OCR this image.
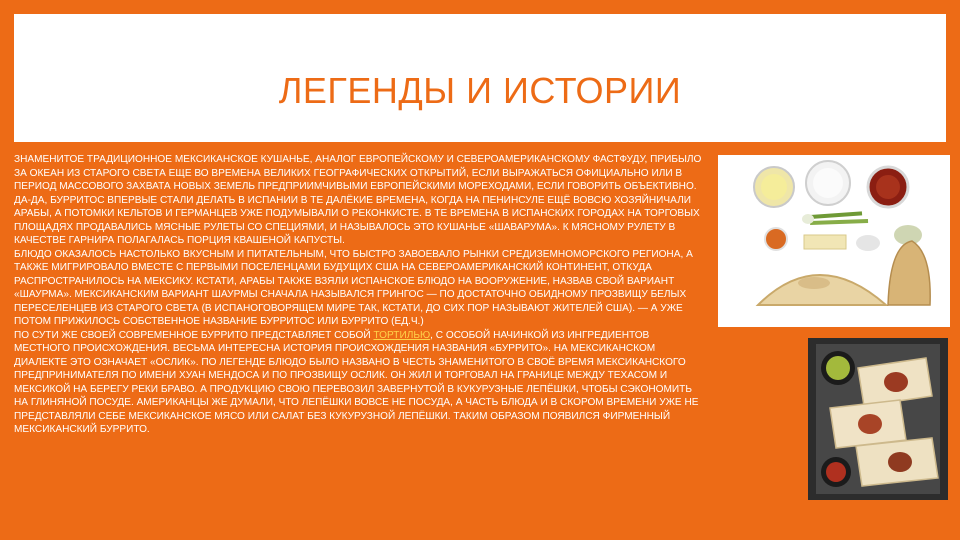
ЛЕГЕНДЫ И ИСТОРИИ

ЗНАМЕНИТОЕ ТРАДИЦИОННОЕ МЕКСИКАНСКОЕ КУШАНЬЕ, АНАЛОГ ЕВРОПЕЙСКОМУ И СЕВЕРОАМЕРИКАНСКОМУ ФАСТФУДУ, ПРИБЫЛО ЗА ОКЕАН ИЗ СТАРОГО СВЕТА ЕЩЕ ВО ВРЕМЕНА ВЕЛИКИХ ГЕОГРАФИЧЕСКИХ ОТКРЫТИЙ, ЕСЛИ ВЫРАЖАТЬСЯ ОФИЦИАЛЬНО ИЛИ В ПЕРИОД МАССОВОГО ЗАХВАТА НОВЫХ ЗЕМЕЛЬ ПРЕДПРИИМЧИВЫМИ ЕВРОПЕЙСКИМИ МОРЕХОДАМИ, ЕСЛИ ГОВОРИТЬ ОБЪЕКТИВНО. ДА-ДА, БУРРИТОС ВПЕРВЫЕ СТАЛИ ДЕЛАТЬ В ИСПАНИИ В ТЕ ДАЛЁКИЕ ВРЕМЕНА, КОГДА НА ПЕНИНСУЛЕ ЕЩЁ ВОВСЮ ХОЗЯЙНИЧАЛИ АРАБЫ, А ПОТОМКИ КЕЛЬТОВ И ГЕРМАНЦЕВ УЖЕ ПОДУМЫВАЛИ О РЕКОНКИСТЕ. В ТЕ ВРЕМЕНА В ИСПАНСКИХ ГОРОДАХ НА ТОРГОВЫХ ПЛОЩАДЯХ ПРОДАВАЛИСЬ МЯСНЫЕ РУЛЕТЫ СО СПЕЦИЯМИ, И НАЗЫВАЛОСЬ ЭТО КУШАНЬЕ «ШАВАРУМА». К МЯСНОМУ РУЛЕТУ В КАЧЕСТВЕ ГАРНИРА ПОЛАГАЛАСЬ ПОРЦИЯ КВАШЕНОЙ КАПУСТЫ.

БЛЮДО ОКАЗАЛОСЬ НАСТОЛЬКО ВКУСНЫМ И ПИТАТЕЛЬНЫМ, ЧТО БЫСТРО ЗАВОЕВАЛО РЫНКИ СРЕДИЗЕМНОМОРСКОГО РЕГИОНА, А ТАКЖЕ МИГРИРОВАЛО ВМЕСТЕ С ПЕРВЫМИ ПОСЕЛЕНЦАМИ БУДУЩИХ США НА СЕВЕРОАМЕРИКАНСКИЙ КОНТИНЕНТ, ОТКУДА РАСПРОСТРАНИЛОСЬ НА МЕКСИКУ. КСТАТИ, АРАБЫ ТАКЖЕ ВЗЯЛИ ИСПАНСКОЕ БЛЮДО НА ВООРУЖЕНИЕ, НАЗВАВ СВОЙ ВАРИАНТ «ШАУРМА». МЕКСИКАНСКИМ ВАРИАНТ ШАУРМЫ СНАЧАЛА НАЗЫВАЛСЯ ГРИНГОС — ПО ДОСТАТОЧНО ОБИДНОМУ ПРОЗВИЩУ БЕЛЫХ ПЕРЕСЕЛЕНЦЕВ ИЗ СТАРОГО СВЕТА (В ИСПАНОГОВОРЯЩЕМ МИРЕ ТАК, КСТАТИ, ДО СИХ ПОР НАЗЫВАЮТ ЖИТЕЛЕЙ США). — А УЖЕ ПОТОМ ПРИЖИЛОСЬ СОБСТВЕННОЕ НАЗВАНИЕ БУРРИТОС ИЛИ БУРРИТО (ЕД.Ч.)

ПО СУТИ ЖЕ СВОЕЙ СОВРЕМЕННОЕ БУРРИТО ПРЕДСТАВЛЯЕТ СОБОЙ ТОРТИЛЬЮ, С ОСОБОЙ НАЧИНКОЙ ИЗ ИНГРЕДИЕНТОВ МЕСТНОГО ПРОИСХОЖДЕНИЯ. ВЕСЬМА ИНТЕРЕСНА ИСТОРИЯ ПРОИСХОЖДЕНИЯ НАЗВАНИЯ «БУРРИТО». НА МЕКСИКАНСКОМ ДИАЛЕКТЕ ЭТО ОЗНАЧАЕТ «ОСЛИК». ПО ЛЕГЕНДЕ БЛЮДО БЫЛО НАЗВАНО В ЧЕСТЬ ЗНАМЕНИТОГО В СВОЁ ВРЕМЯ МЕКСИКАНСКОГО ПРЕДПРИНИМАТЕЛЯ ПО ИМЕНИ ХУАН МЕНДОСА И ПО ПРОЗВИЩУ ОСЛИК. ОН ЖИЛ И ТОРГОВАЛ НА ГРАНИЦЕ МЕЖДУ ТЕХАСОМ И МЕКСИКОЙ НА БЕРЕГУ РЕКИ БРАВО. А ПРОДУКЦИЮ СВОЮ ПЕРЕВОЗИЛ ЗАВЕРНУТОЙ В КУКУРУЗНЫЕ ЛЕПЁШКИ, ЧТОБЫ СЭКОНОМИТЬ НА ГЛИНЯНОЙ ПОСУДЕ. АМЕРИКАНЦЫ ЖЕ ДУМАЛИ, ЧТО ЛЕПЁШКИ ВОВСЕ НЕ ПОСУДА, А ЧАСТЬ БЛЮДА И В СКОРОМ ВРЕМЕНИ УЖЕ НЕ ПРЕДСТАВЛЯЛИ СЕБЕ МЕКСИКАНСКОЕ МЯСО ИЛИ САЛАТ БЕЗ КУКУРУЗНОЙ ЛЕПЁШКИ. ТАКИМ ОБРАЗОМ ПОЯВИЛСЯ ФИРМЕННЫЙ МЕКСИКАНСКИЙ БУРРИТО.
